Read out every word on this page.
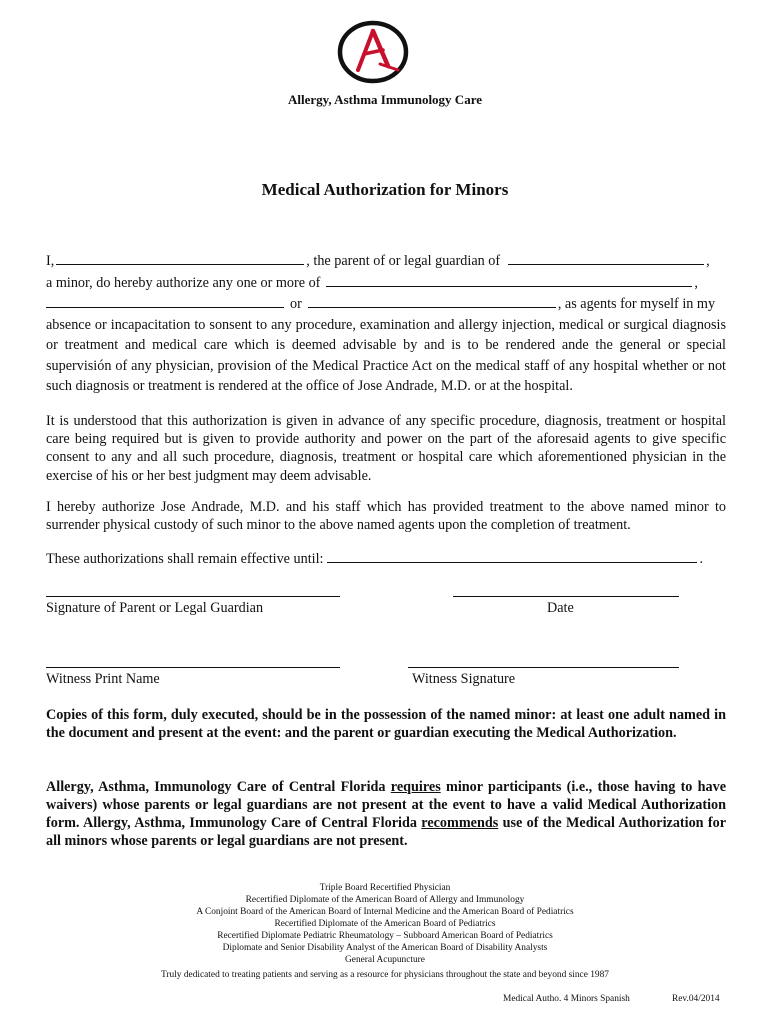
Allergy, Asthma Immunology Care
Medical Authorization for Minors
I,	, the parent of or legal guardian of	,
a minor, do hereby authorize any one or more of	,
or	, as agents for myself in my
absence or incapacitation to sonsent to any procedure, examination and allergy injection, medical or surgical diagnosis or treatment and medical care which is deemed advisable by and is to be rendered ande the general or special supervisión of any physician, provision of the Medical Practice Act on the medical staff of any hospital whether or not such diagnosis or treatment is rendered at the office of Jose Andrade, M.D. or at the hospital.
It is understood that this authorization is given in advance of any specific procedure, diagnosis, treatment or hospital care being required but is given to provide authority and power on the part of the aforesaid agents to give specific consent to any and all such procedure, diagnosis, treatment or hospital care which aforementioned physician in the exercise of his or her best judgment may deem advisable.
I hereby authorize Jose Andrade, M.D. and his staff which has provided treatment to the above named minor to surrender physical custody of such minor to the above named agents upon the completion of treatment.
These authorizations shall remain effective until:	.
Signature of Parent or Legal Guardian	Date
Witness Print Name	Witness Signature
Copies of this form, duly executed, should be in the possession of the named minor: at least one adult named in the document and present at the event: and the parent or guardian executing the Medical Authorization.
Allergy, Asthma, Immunology Care of Central Florida requires minor participants (i.e., those having to have waivers) whose parents or legal guardians are not present at the event to have a valid Medical Authorization form. Allergy, Asthma, Immunology Care of Central Florida recommends use of the Medical Authorization for all minors whose parents or legal guardians are not present.
Triple Board Recertified Physician
Recertified Diplomate of the American Board of Allergy and Immunology
A Conjoint Board of the American Board of Internal Medicine and the American Board of Pediatrics
Recertified Diplomate of the American Board of Pediatrics
Recertified Diplomate Pediatric Rheumatology – Subboard American Board of Pediatrics
Diplomate and Senior Disability Analyst of the American Board of Disability Analysts
General Acupuncture
Truly dedicated to treating patients and serving as a resource for physicians throughout the state and beyond since 1987
Medical Autho. 4 Minors Spanish	Rev.04/2014
